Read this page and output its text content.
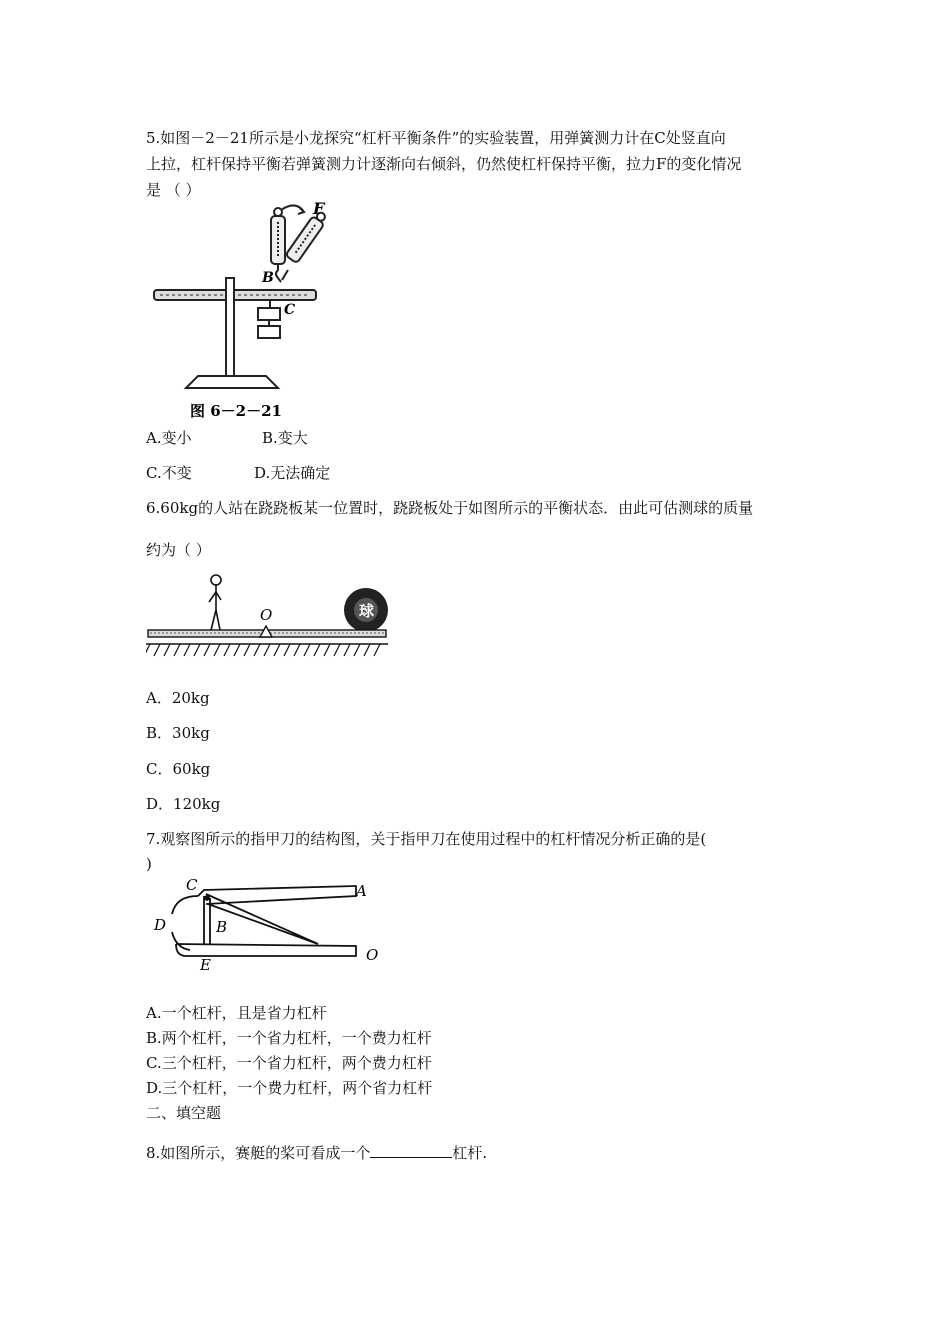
5.如图－2－21所示是小龙探究“杠杆平衡条件”的实验装置，用弹簧测力计在C处竖直向
上拉，杠杆保持平衡若弹簧测力计逐渐向右倾斜，仍然使杠杆保持平衡，拉力F的变化情况
是 （ ）
F
B
C
图 6－2－21
A.变小	B.变大
C.不变	D.无法确定
6.60kg的人站在跷跷板某一位置时，跷跷板处于如图所示的平衡状态．由此可估测球的质量
约为（ ）
球
O
A．20kg
B．30kg
C．60kg
D．120kg
7.观察图所示的指甲刀的结构图，关于指甲刀在使用过程中的杠杆情况分析正确的是(
)
C	A
D	B
E
O
A.一个杠杆，且是省力杠杆
B.两个杠杆，一个省力杠杆，一个费力杠杆
C.三个杠杆，一个省力杠杆，两个费力杠杆
D.三个杠杆，一个费力杠杆，两个省力杠杆
二、填空题
8.如图所示，赛艇的桨可看成一个	杠杆.
